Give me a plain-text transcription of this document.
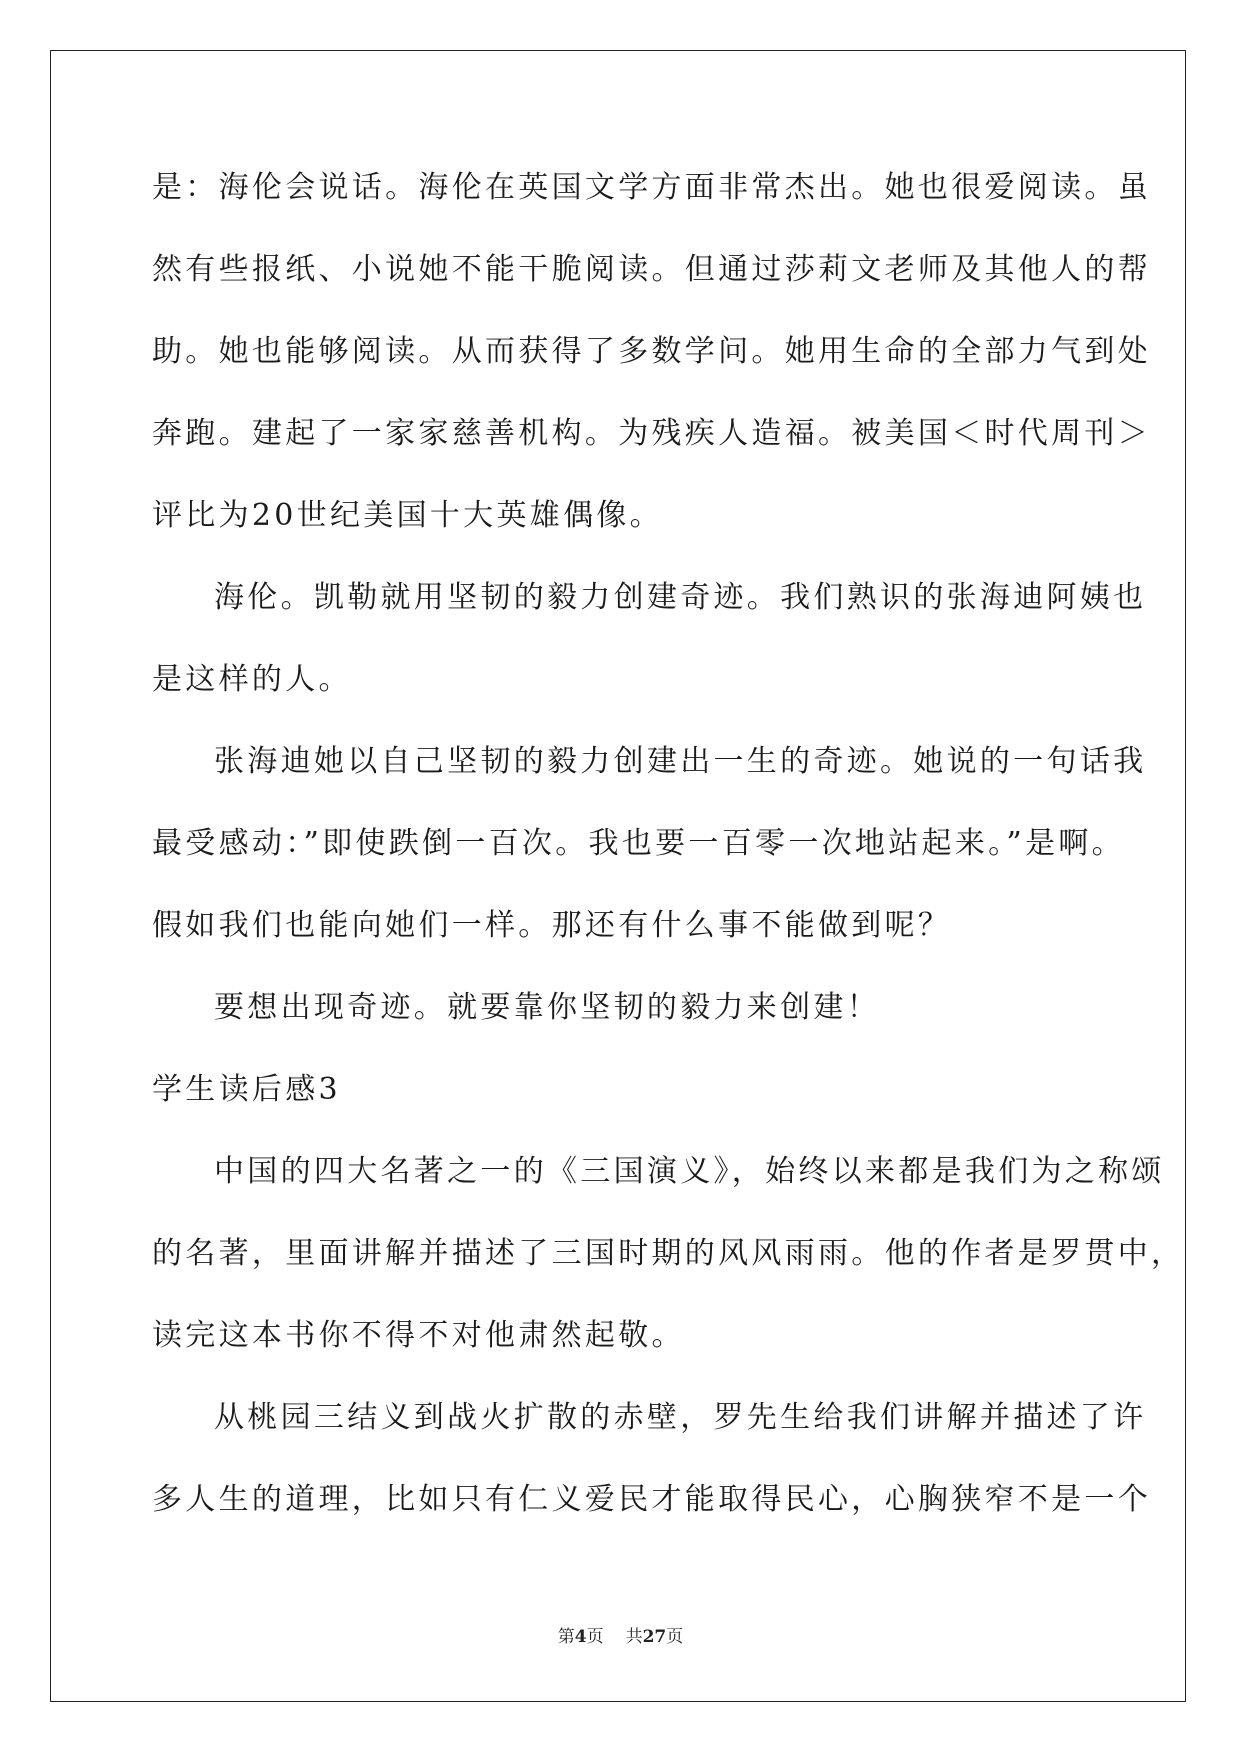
是：海伦会说话。海伦在英国文学方面非常杰出。她也很爱阅读。虽
然有些报纸、小说她不能干脆阅读。但通过莎莉文老师及其他人的帮
助。她也能够阅读。从而获得了多数学问。她用生命的全部力气到处
奔跑。建起了一家家慈善机构。为残疾人造福。被美国＜时代周刊＞
评比为20世纪美国十大英雄偶像。
海伦。凯勒就用坚韧的毅力创建奇迹。我们熟识的张海迪阿姨也
是这样的人。
张海迪她以自己坚韧的毅力创建出一生的奇迹。她说的一句话我
最受感动：”即使跌倒一百次。我也要一百零一次地站起来。”是啊。
假如我们也能向她们一样。那还有什么事不能做到呢？
要想出现奇迹。就要靠你坚韧的毅力来创建！
学生读后感3
中国的四大名著之一的《三国演义》，始终以来都是我们为之称颂
的名著，里面讲解并描述了三国时期的风风雨雨。他的作者是罗贯中，
读完这本书你不得不对他肃然起敬。
从桃园三结义到战火扩散的赤壁，罗先生给我们讲解并描述了许
多人生的道理，比如只有仁义爱民才能取得民心，心胸狭窄不是一个
第4页 共27页
